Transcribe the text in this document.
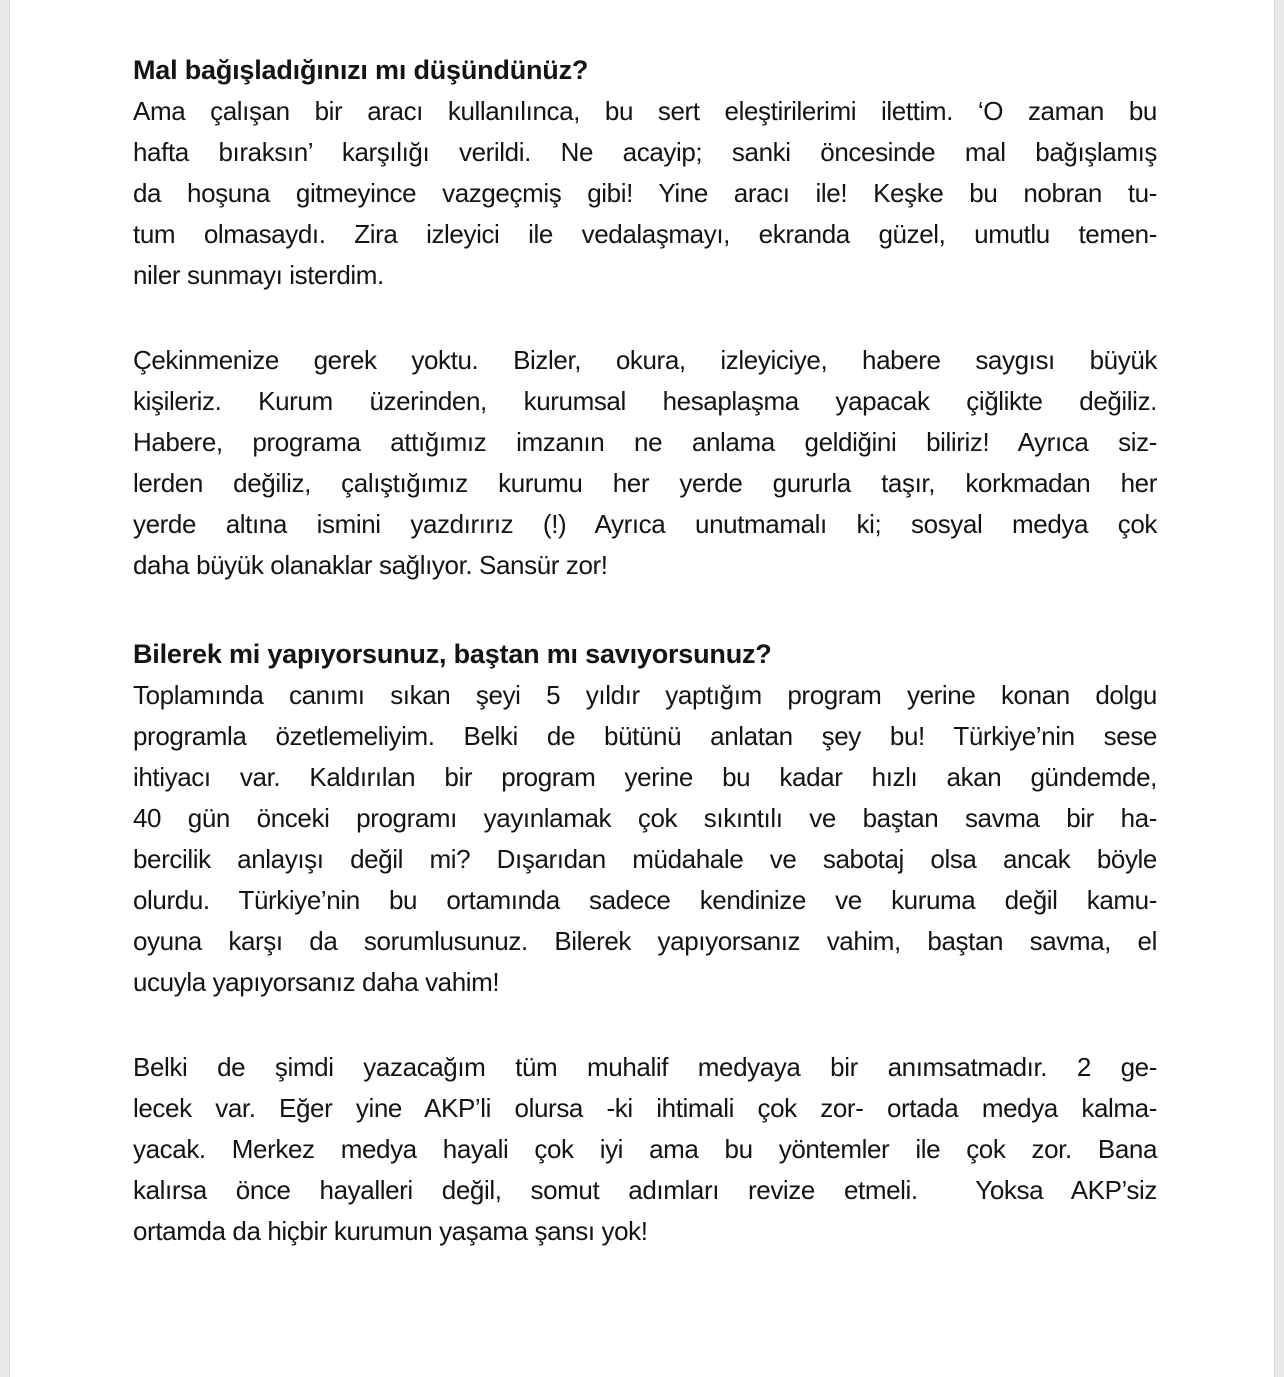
Mal bağışladığınızı mı düşündünüz?
Ama çalışan bir aracı kullanılınca, bu sert eleştirilerimi ilettim. ‘O zaman bu
hafta bıraksın’ karşılığı verildi. Ne acayip; sanki öncesinde mal bağışlamış
da hoşuna gitmeyince vazgeçmiş gibi! Yine aracı ile! Keşke bu nobran tu-
tum olmasaydı. Zira izleyici ile vedalaşmayı, ekranda güzel, umutlu temen-
niler sunmayı isterdim.
Çekinmenize gerek yoktu. Bizler, okura, izleyiciye, habere saygısı büyük
kişileriz. Kurum üzerinden, kurumsal hesaplaşma yapacak çiğlikte değiliz.
Habere, programa attığımız imzanın ne anlama geldiğini biliriz! Ayrıca siz-
lerden değiliz, çalıştığımız kurumu her yerde gururla taşır, korkmadan her
yerde altına ismini yazdırırız (!) Ayrıca unutmamalı ki; sosyal medya çok
daha büyük olanaklar sağlıyor. Sansür zor!
Bilerek mi yapıyorsunuz, baştan mı savıyorsunuz?
Toplamında canımı sıkan şeyi 5 yıldır yaptığım program yerine konan dolgu
programla özetlemeliyim. Belki de bütünü anlatan şey bu! Türkiye’nin sese
ihtiyacı var. Kaldırılan bir program yerine bu kadar hızlı akan gündemde,
40 gün önceki programı yayınlamak çok sıkıntılı ve baştan savma bir ha-
bercilik anlayışı değil mi? Dışarıdan müdahale ve sabotaj olsa ancak böyle
olurdu. Türkiye’nin bu ortamında sadece kendinize ve kuruma değil kamu-
oyuna karşı da sorumlusunuz. Bilerek yapıyorsanız vahim, baştan savma, el
ucuyla yapıyorsanız daha vahim!
Belki de şimdi yazacağım tüm muhalif medyaya bir anımsatmadır. 2 ge-
lecek var. Eğer yine AKP’li olursa -ki ihtimali çok zor- ortada medya kalma-
yacak. Merkez medya hayali çok iyi ama bu yöntemler ile çok zor. Bana
kalırsa önce hayalleri değil, somut adımları revize etmeli.  Yoksa AKP’siz
ortamda da hiçbir kurumun yaşama şansı yok!
